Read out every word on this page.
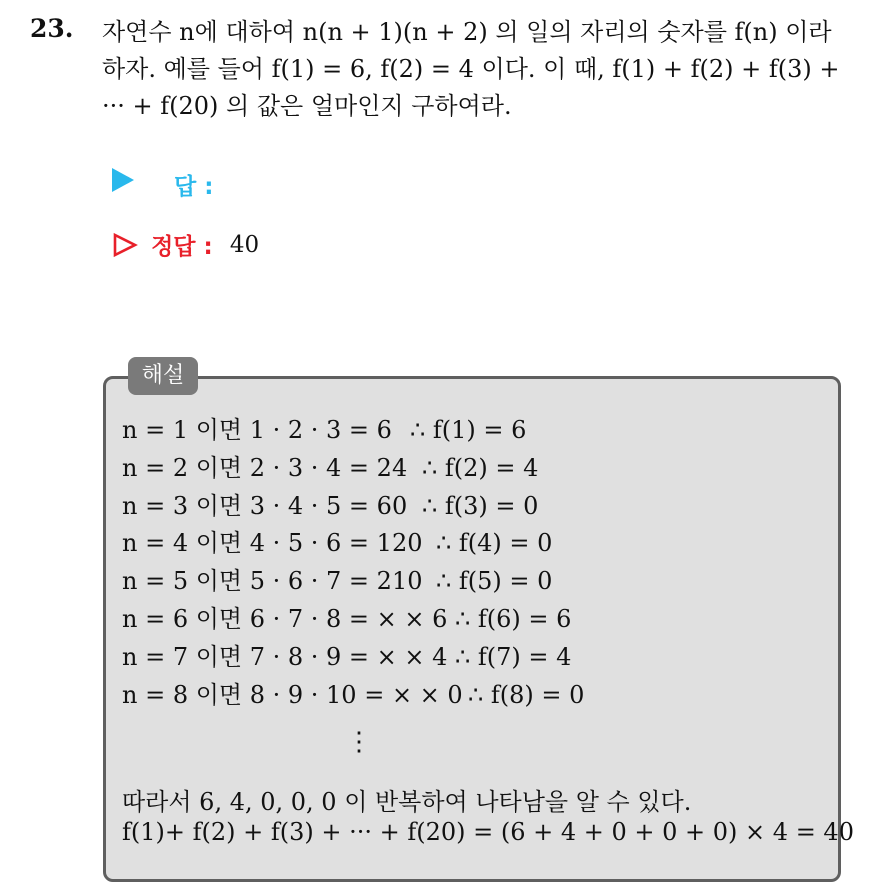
23. 자연수 n에 대하여 n(n + 1)(n + 2) 의 일의 자리의 숫자를 f(n) 이라
하자. 예를 들어 f(1) = 6, f(2) = 4 이다. 이 때, f(1) + f(2) + f(3) +
··· + f(20) 의 값은 얼마인지 구하여라.
답 :
정답 : 40
해설
n = 1 이면 1 · 2 · 3 = 6 ∴ f(1) = 6
n = 2 이면 2 · 3 · 4 = 24 ∴ f(2) = 4
n = 3 이면 3 · 4 · 5 = 60 ∴ f(3) = 0
n = 4 이면 4 · 5 · 6 = 120 ∴ f(4) = 0
n = 5 이면 5 · 6 · 7 = 210 ∴ f(5) = 0
n = 6 이면 6 · 7 · 8 = × × 6 ∴ f(6) = 6
n = 7 이면 7 · 8 · 9 = × × 4 ∴ f(7) = 4
n = 8 이면 8 · 9 · 10 = × × 0 ∴ f(8) = 0
⋮
따라서 6, 4, 0, 0, 0 이 반복하여 나타남을 알 수 있다.
f(1)+ f(2) + f(3) + ··· + f(20) = (6 + 4 + 0 + 0 + 0) × 4 = 40
